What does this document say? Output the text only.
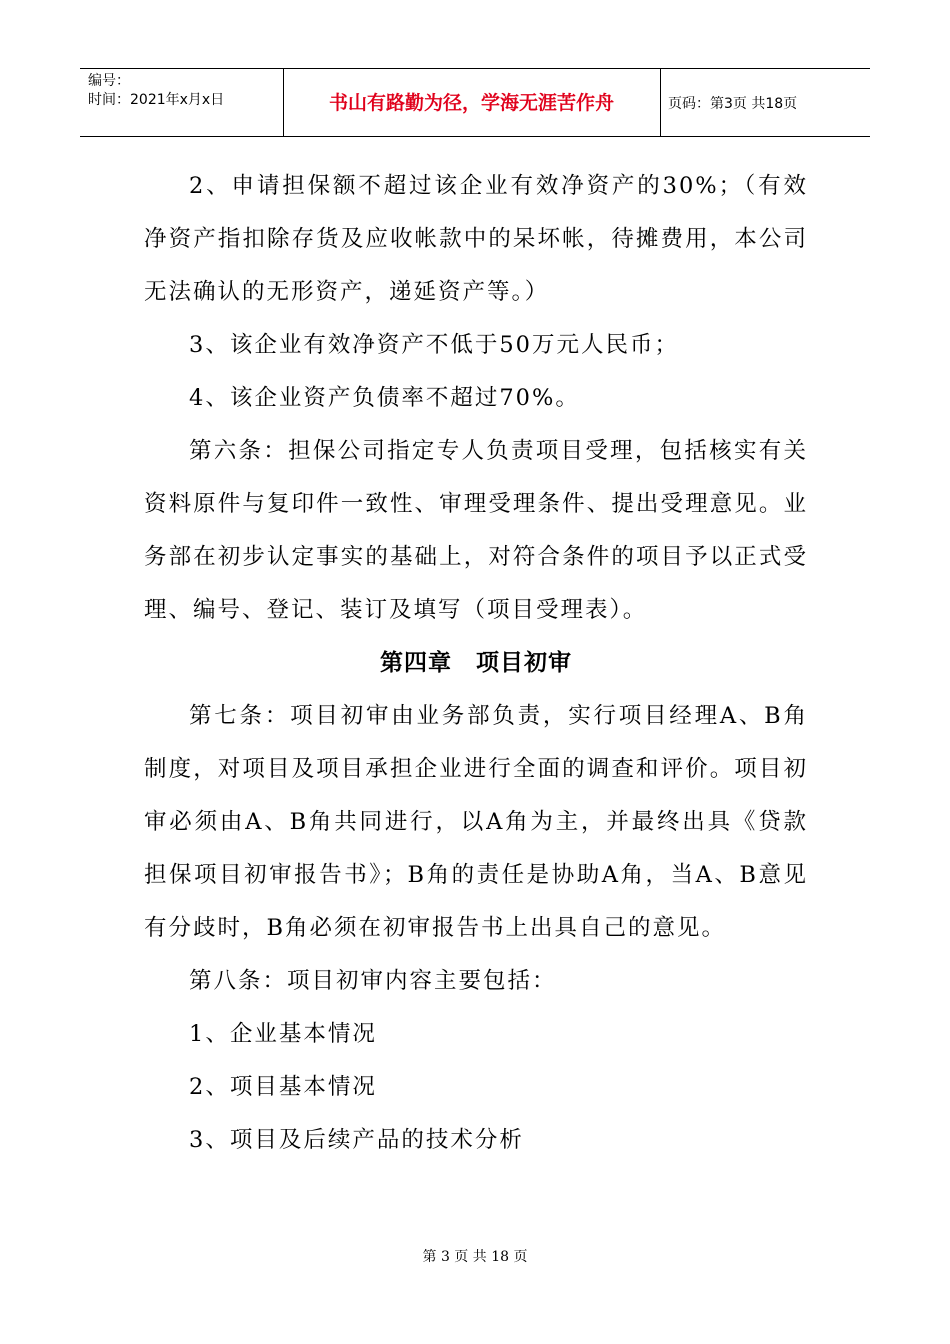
编号：
时间：2021年x月x日	书山有路勤为径，学海无涯苦作舟	页码：第3页 共18页

2、申请担保额不超过该企业有效净资产的30%；（有效净资产指扣除存货及应收帐款中的呆坏帐，待摊费用，本公司无法确认的无形资产，递延资产等。）

3、该企业有效净资产不低于50万元人民币；

4、该企业资产负债率不超过70%。

第六条：担保公司指定专人负责项目受理，包括核实有关资料原件与复印件一致性、审理受理条件、提出受理意见。业务部在初步认定事实的基础上，对符合条件的项目予以正式受理、编号、登记、装订及填写（项目受理表）。

第四章　项目初审

第七条：项目初审由业务部负责，实行项目经理A、B角制度，对项目及项目承担企业进行全面的调查和评价。项目初审必须由A、B角共同进行，以A角为主，并最终出具《贷款担保项目初审报告书》；B角的责任是协助A角，当A、B意见有分歧时，B角必须在初审报告书上出具自己的意见。

第八条：项目初审内容主要包括：

1、企业基本情况

2、项目基本情况

3、项目及后续产品的技术分析

第 3 页 共 18 页
